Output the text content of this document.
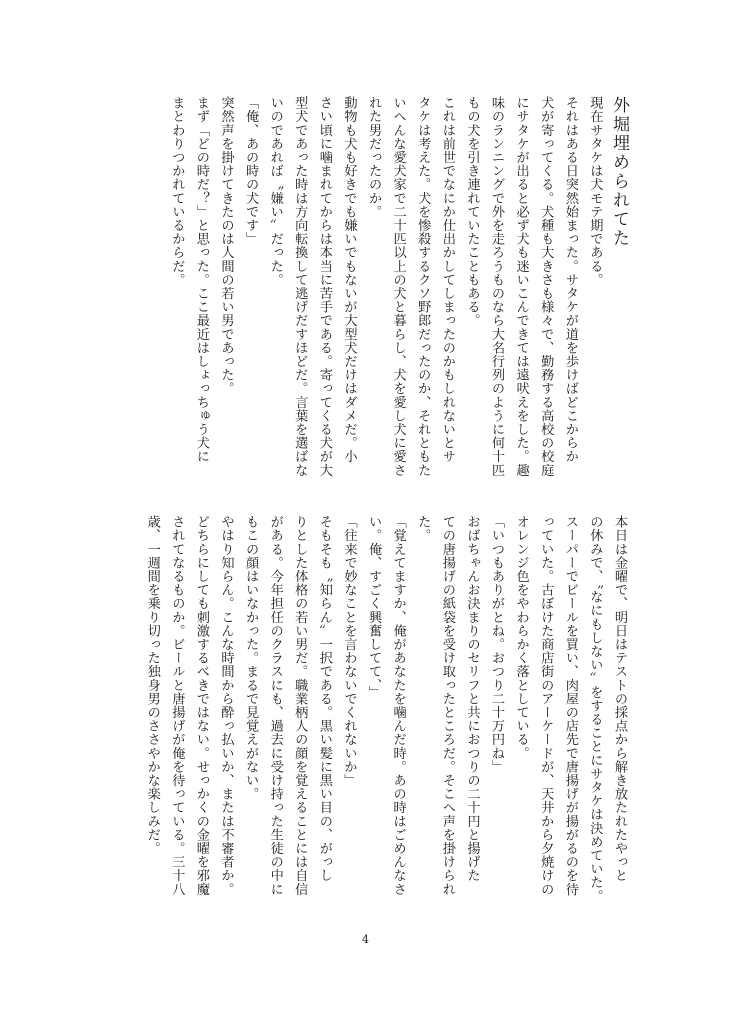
外堀埋められてた
現在サタケは犬モテ期である。
それはある日突然始まった。サタケが道を歩けばどこからか
犬が寄ってくる。犬種も大きさも様々で、勤務する高校の校庭
にサタケが出ると必ず犬も迷いこんできては遠吠えをした。趣
味のランニングで外を走ろうものなら大名行列のように何十匹
もの犬を引き連れていたこともある。
これは前世でなにか仕出かしてしまったのかもしれないとサ
タケは考えた。犬を惨殺するクソ野郎だったのか、それともた
いへんな愛犬家で二十匹以上の犬と暮らし、犬を愛し犬に愛さ
れた男だったのか。
動物も犬も好きでも嫌いでもないが大型犬だけはダメだ。小
さい頃に噛まれてからは本当に苦手である。寄ってくる犬が大
型犬であった時は方向転換して逃げだすほどだ。言葉を選ばな
いのであれば〝嫌い〟だった。
「俺、あの時の犬です」
突然声を掛けてきたのは人間の若い男であった。
まず「どの時だ？」と思った。ここ最近はしょっちゅう犬に
まとわりつかれているからだ。
本日は金曜で、明日はテストの採点から解き放たれたやっと
の休みで、〝なにもしない〟をすることにサタケは決めていた。
スーパーでビールを買い、肉屋の店先で唐揚げが揚がるのを待
っていた。古ぼけた商店街のアーケードが、天井から夕焼けの
オレンジ色をやわらかく落としている。
「いつもありがとね。おつり二十万円ね」
おばちゃんお決まりのセリフと共におつりの二十円と揚げた
ての唐揚げの紙袋を受け取ったところだ。そこへ声を掛けられ
た。
「覚えてますか、俺があなたを噛んだ時。あの時はごめんなさ
い。俺、すごく興奮してて、」
「往来で妙なことを言わないでくれないか」
そもそも〝知らん〟一択である。黒い髪に黒い目の、がっし
りとした体格の若い男だ。職業柄人の顔を覚えることには自信
がある。今年担任のクラスにも、過去に受け持った生徒の中に
もこの顔はいなかった。まるで見覚えがない。
やはり知らん。こんな時間から酔っ払いか、または不審者か。
どちらにしても刺激するべきではない。せっかくの金曜を邪魔
されてなるものか。ビールと唐揚げが俺を待っている。三十八
歳、一週間を乗り切った独身男のささやかな楽しみだ。
4
